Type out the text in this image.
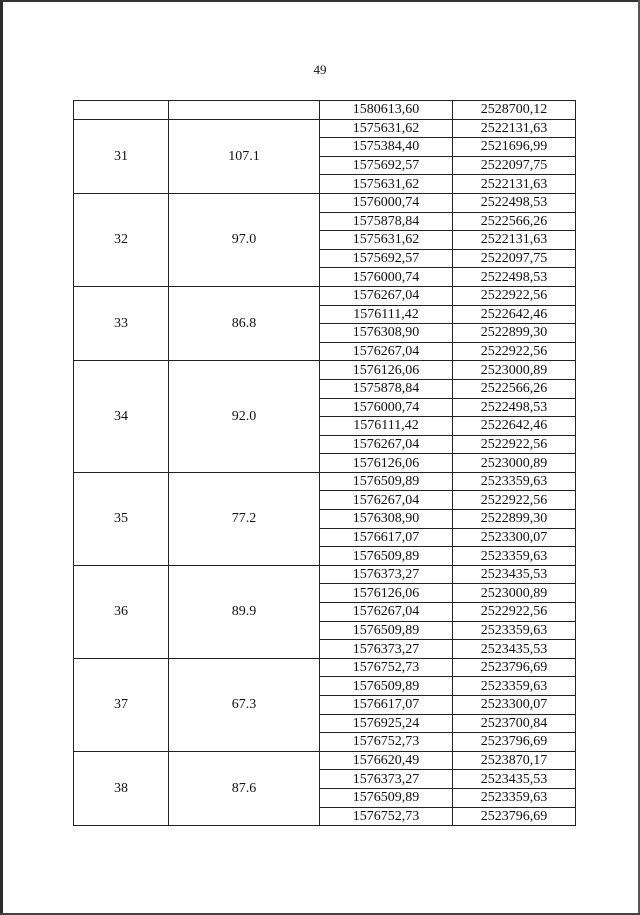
49
		1580613,60	2528700,12
31	107.1	1575631,62	2522131,63
		1575384,40	2521696,99
		1575692,57	2522097,75
		1575631,62	2522131,63
32	97.0	1576000,74	2522498,53
		1575878,84	2522566,26
		1575631,62	2522131,63
		1575692,57	2522097,75
		1576000,74	2522498,53
33	86.8	1576267,04	2522922,56
		1576111,42	2522642,46
		1576308,90	2522899,30
		1576267,04	2522922,56
34	92.0	1576126,06	2523000,89
		1575878,84	2522566,26
		1576000,74	2522498,53
		1576111,42	2522642,46
		1576267,04	2522922,56
		1576126,06	2523000,89
35	77.2	1576509,89	2523359,63
		1576267,04	2522922,56
		1576308,90	2522899,30
		1576617,07	2523300,07
		1576509,89	2523359,63
36	89.9	1576373,27	2523435,53
		1576126,06	2523000,89
		1576267,04	2522922,56
		1576509,89	2523359,63
		1576373,27	2523435,53
37	67.3	1576752,73	2523796,69
		1576509,89	2523359,63
		1576617,07	2523300,07
		1576925,24	2523700,84
		1576752,73	2523796,69
38	87.6	1576620,49	2523870,17
		1576373,27	2523435,53
		1576509,89	2523359,63
		1576752,73	2523796,69
